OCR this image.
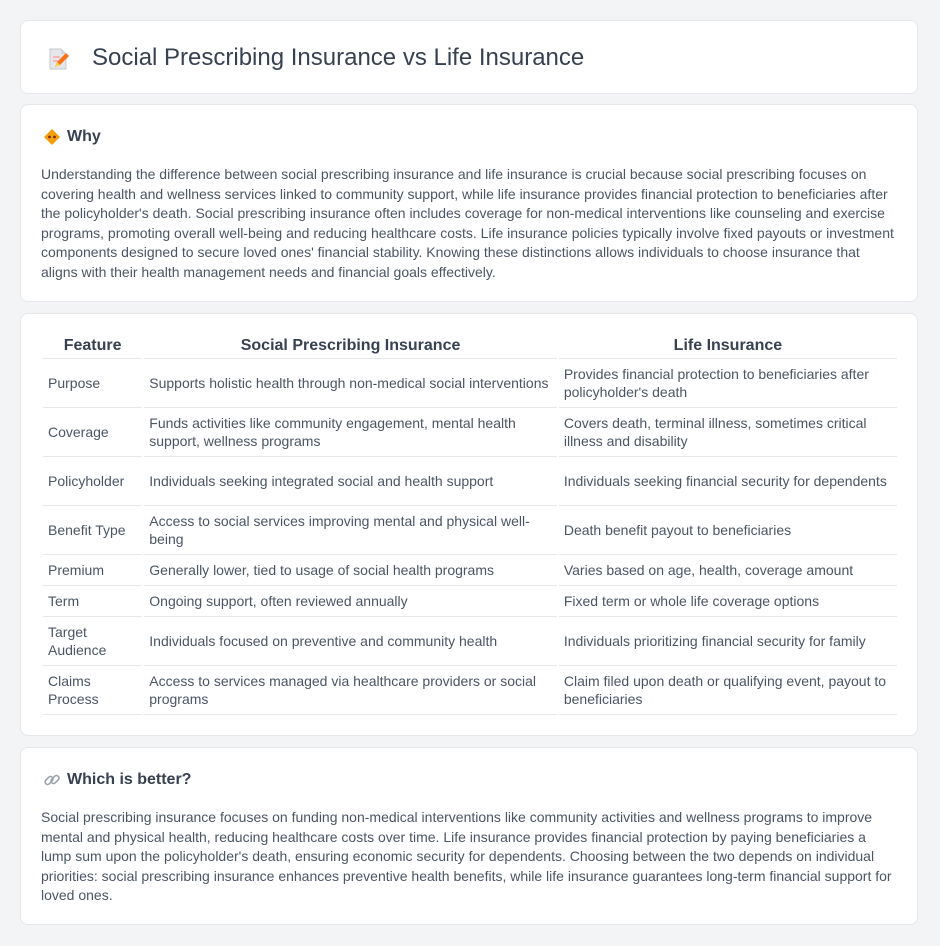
Social Prescribing Insurance vs Life Insurance
Why
Understanding the difference between social prescribing insurance and life insurance is crucial because social prescribing focuses on covering health and wellness services linked to community support, while life insurance provides financial protection to beneficiaries after the policyholder's death. Social prescribing insurance often includes coverage for non-medical interventions like counseling and exercise programs, promoting overall well-being and reducing healthcare costs. Life insurance policies typically involve fixed payouts or investment components designed to secure loved ones' financial stability. Knowing these distinctions allows individuals to choose insurance that aligns with their health management needs and financial goals effectively.
Feature	Social Prescribing Insurance	Life Insurance
Purpose	Supports holistic health through non-medical social interventions	Provides financial protection to beneficiaries after policyholder's death
Coverage	Funds activities like community engagement, mental health support, wellness programs	Covers death, terminal illness, sometimes critical illness and disability
Policyholder	Individuals seeking integrated social and health support	Individuals seeking financial security for dependents
Benefit Type	Access to social services improving mental and physical well-being	Death benefit payout to beneficiaries
Premium	Generally lower, tied to usage of social health programs	Varies based on age, health, coverage amount
Term	Ongoing support, often reviewed annually	Fixed term or whole life coverage options
Target Audience	Individuals focused on preventive and community health	Individuals prioritizing financial security for family
Claims Process	Access to services managed via healthcare providers or social programs	Claim filed upon death or qualifying event, payout to beneficiaries
Which is better?
Social prescribing insurance focuses on funding non-medical interventions like community activities and wellness programs to improve mental and physical health, reducing healthcare costs over time. Life insurance provides financial protection by paying beneficiaries a lump sum upon the policyholder's death, ensuring economic security for dependents. Choosing between the two depends on individual priorities: social prescribing insurance enhances preventive health benefits, while life insurance guarantees long-term financial support for loved ones.
